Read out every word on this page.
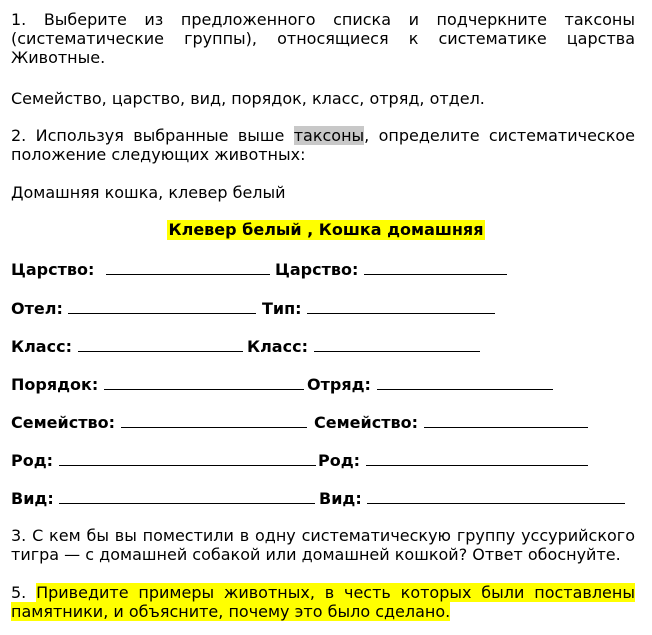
1. Выберите из предложенного списка и подчеркните таксоны (систематические группы), относящиеся к систематике царства Животные.

Семейство, царство, вид, порядок, класс, отряд, отдел.

2. Используя выбранные выше таксоны, определите систематическое положение следующих животных:

Домашняя кошка, клевер белый

Клевер белый , Кошка домашняя
Царство:	Царство:
Отел:	Тип:
Класс:	Класс:
Порядок:	Отряд:
Семейство:	Семейство:
Род:	Род:
Вид:	Вид:

3. С кем бы вы поместили в одну систематическую группу уссурийского тигра — с домашней собакой или домашней кошкой? Ответ обоснуйте.

5. Приведите примеры животных, в честь которых были поставлены памятники, и объясните, почему это было сделано.
